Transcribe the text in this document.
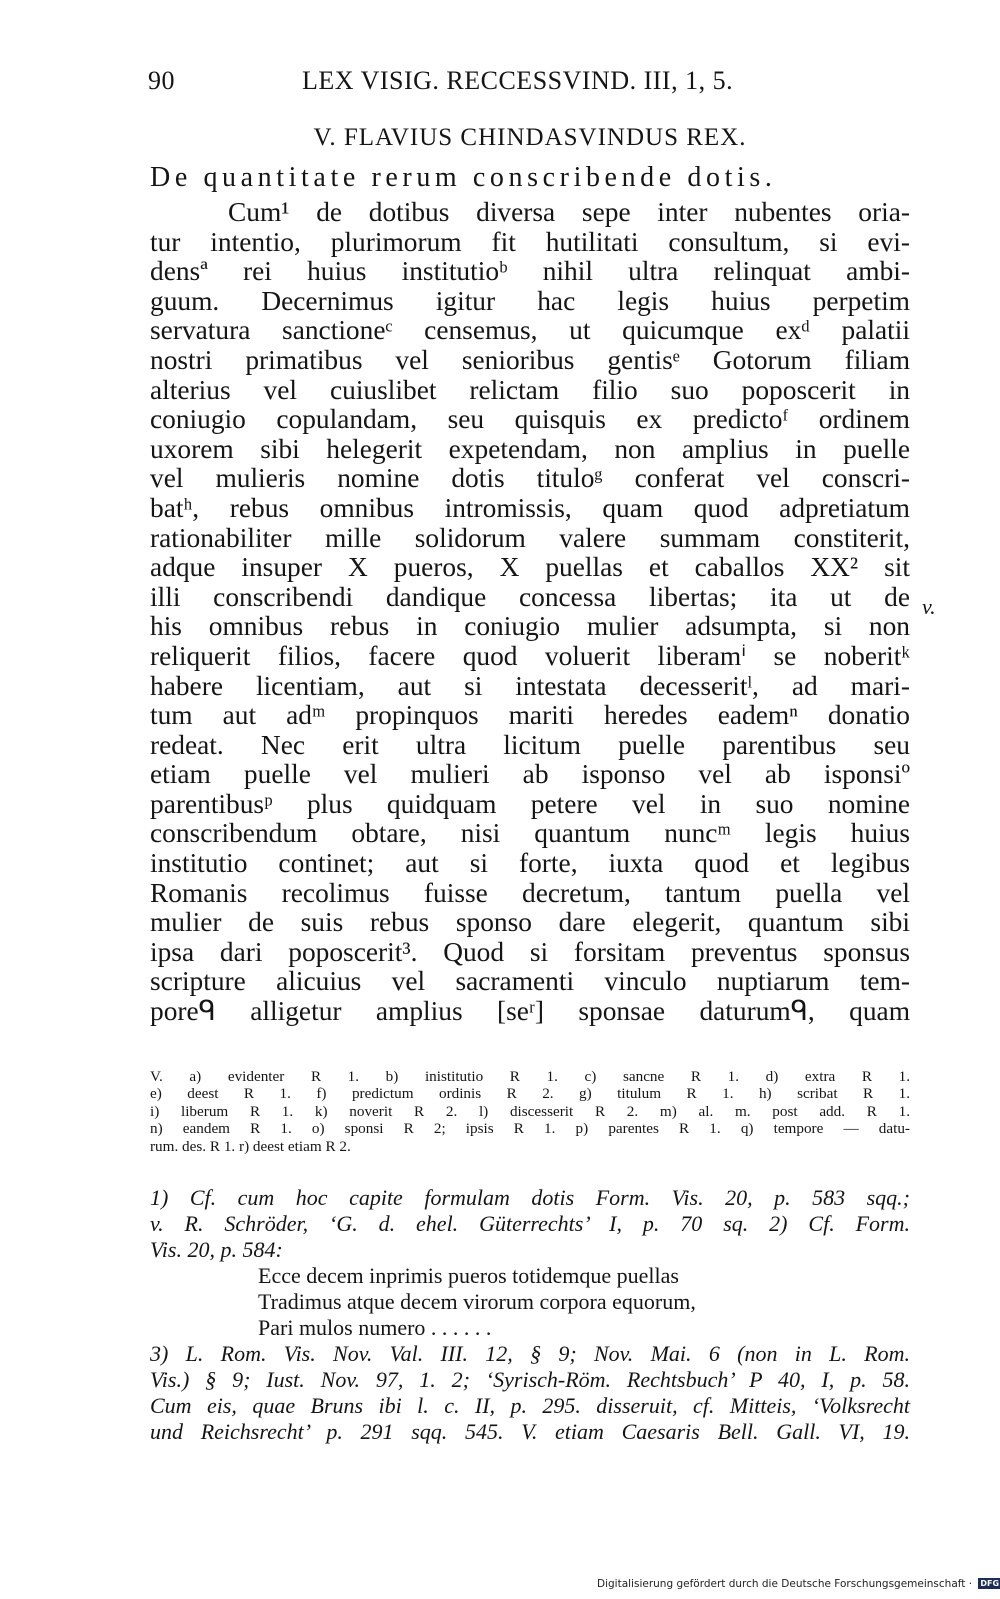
90	LEX VISIG. RECCESSVIND. III, 1, 5.
V. FLAVIUS CHINDASVINDUS REX.
De quantitate rerum conscribende dotis.
Cum¹ de dotibus diversa sepe inter nubentes oria-
tur intentio, plurimorum fit hutilitati consultum, si evi-
densª rei huius institutioᵇ nihil ultra relinquat ambi-
guum. Decernimus igitur hac legis huius perpetim
servatura sanctioneᶜ censemus, ut quicumque exᵈ palatii
nostri primatibus vel senioribus gentisᵉ Gotorum filiam
alterius vel cuiuslibet relictam filio suo poposcerit in
coniugio copulandam, seu quisquis ex predictoᶠ ordinem
uxorem sibi helegerit expetendam, non amplius in puelle
vel mulieris nomine dotis tituloᵍ conferat vel conscri-
batʰ, rebus omnibus intromissis, quam quod adpretiatum
rationabiliter mille solidorum valere summam constiterit,
adque insuper X pueros, X puellas et caballos XX² sit
illi conscribendi dandique concessa libertas; ita ut de
his omnibus rebus in coniugio mulier adsumpta, si non
reliquerit filios, facere quod voluerit liberamⁱ se noberitᵏ
habere licentiam, aut si intestata decesseritˡ, ad mari-
tum aut adᵐ propinquos mariti heredes eademⁿ donatio
redeat. Nec erit ultra licitum puelle parentibus seu
etiam puelle vel mulieri ab isponso vel ab isponsiº
parentibusᵖ plus quidquam petere vel in suo nomine
conscribendum obtare, nisi quantum nuncᵐ legis huius
institutio continet; aut si forte, iuxta quod et legibus
Romanis recolimus fuisse decretum, tantum puella vel
mulier de suis rebus sponso dare elegerit, quantum sibi
ipsa dari poposcerit³. Quod si forsitam preventus sponsus
scripture alicuius vel sacramenti vinculo nuptiarum tem-
poreᑫ alligetur amplius [seʳ] sponsae daturumᑫ, quam
v.
V. a) evidenter R 1. b) inistitutio R 1. c) sancne R 1. d) extra R 1.
e) deest R 1. f) predictum ordinis R 2. g) titulum R 1. h) scribat R 1.
i) liberum R 1. k) noverit R 2. l) discesserit R 2. m) al. m. post add. R 1.
n) eandem R 1. o) sponsi R 2; ipsis R 1. p) parentes R 1. q) tempore — datu-
rum. des. R 1. r) deest etiam R 2.
1) Cf. cum hoc capite formulam dotis Form. Vis. 20, p. 583 sqq.;
v. R. Schröder, ‘G. d. ehel. Güterrechts’ I, p. 70 sq. 2) Cf. Form.
Vis. 20, p. 584:
Ecce decem inprimis pueros totidemque puellas
Tradimus atque decem virorum corpora equorum,
Pari mulos numero . . . . . .
3) L. Rom. Vis. Nov. Val. III. 12, § 9; Nov. Mai. 6 (non in L. Rom.
Vis.) § 9; Iust. Nov. 97, 1. 2; ‘Syrisch-Röm. Rechtsbuch’ P 40, I, p. 58.
Cum eis, quae Bruns ibi l. c. II, p. 295. disseruit, cf. Mitteis, ‘Volksrecht
und Reichsrecht’ p. 291 sqq. 545. V. etiam Caesaris Bell. Gall. VI, 19.
Digitalisierung gefördert durch die Deutsche Forschungsgemeinschaft · DFG
